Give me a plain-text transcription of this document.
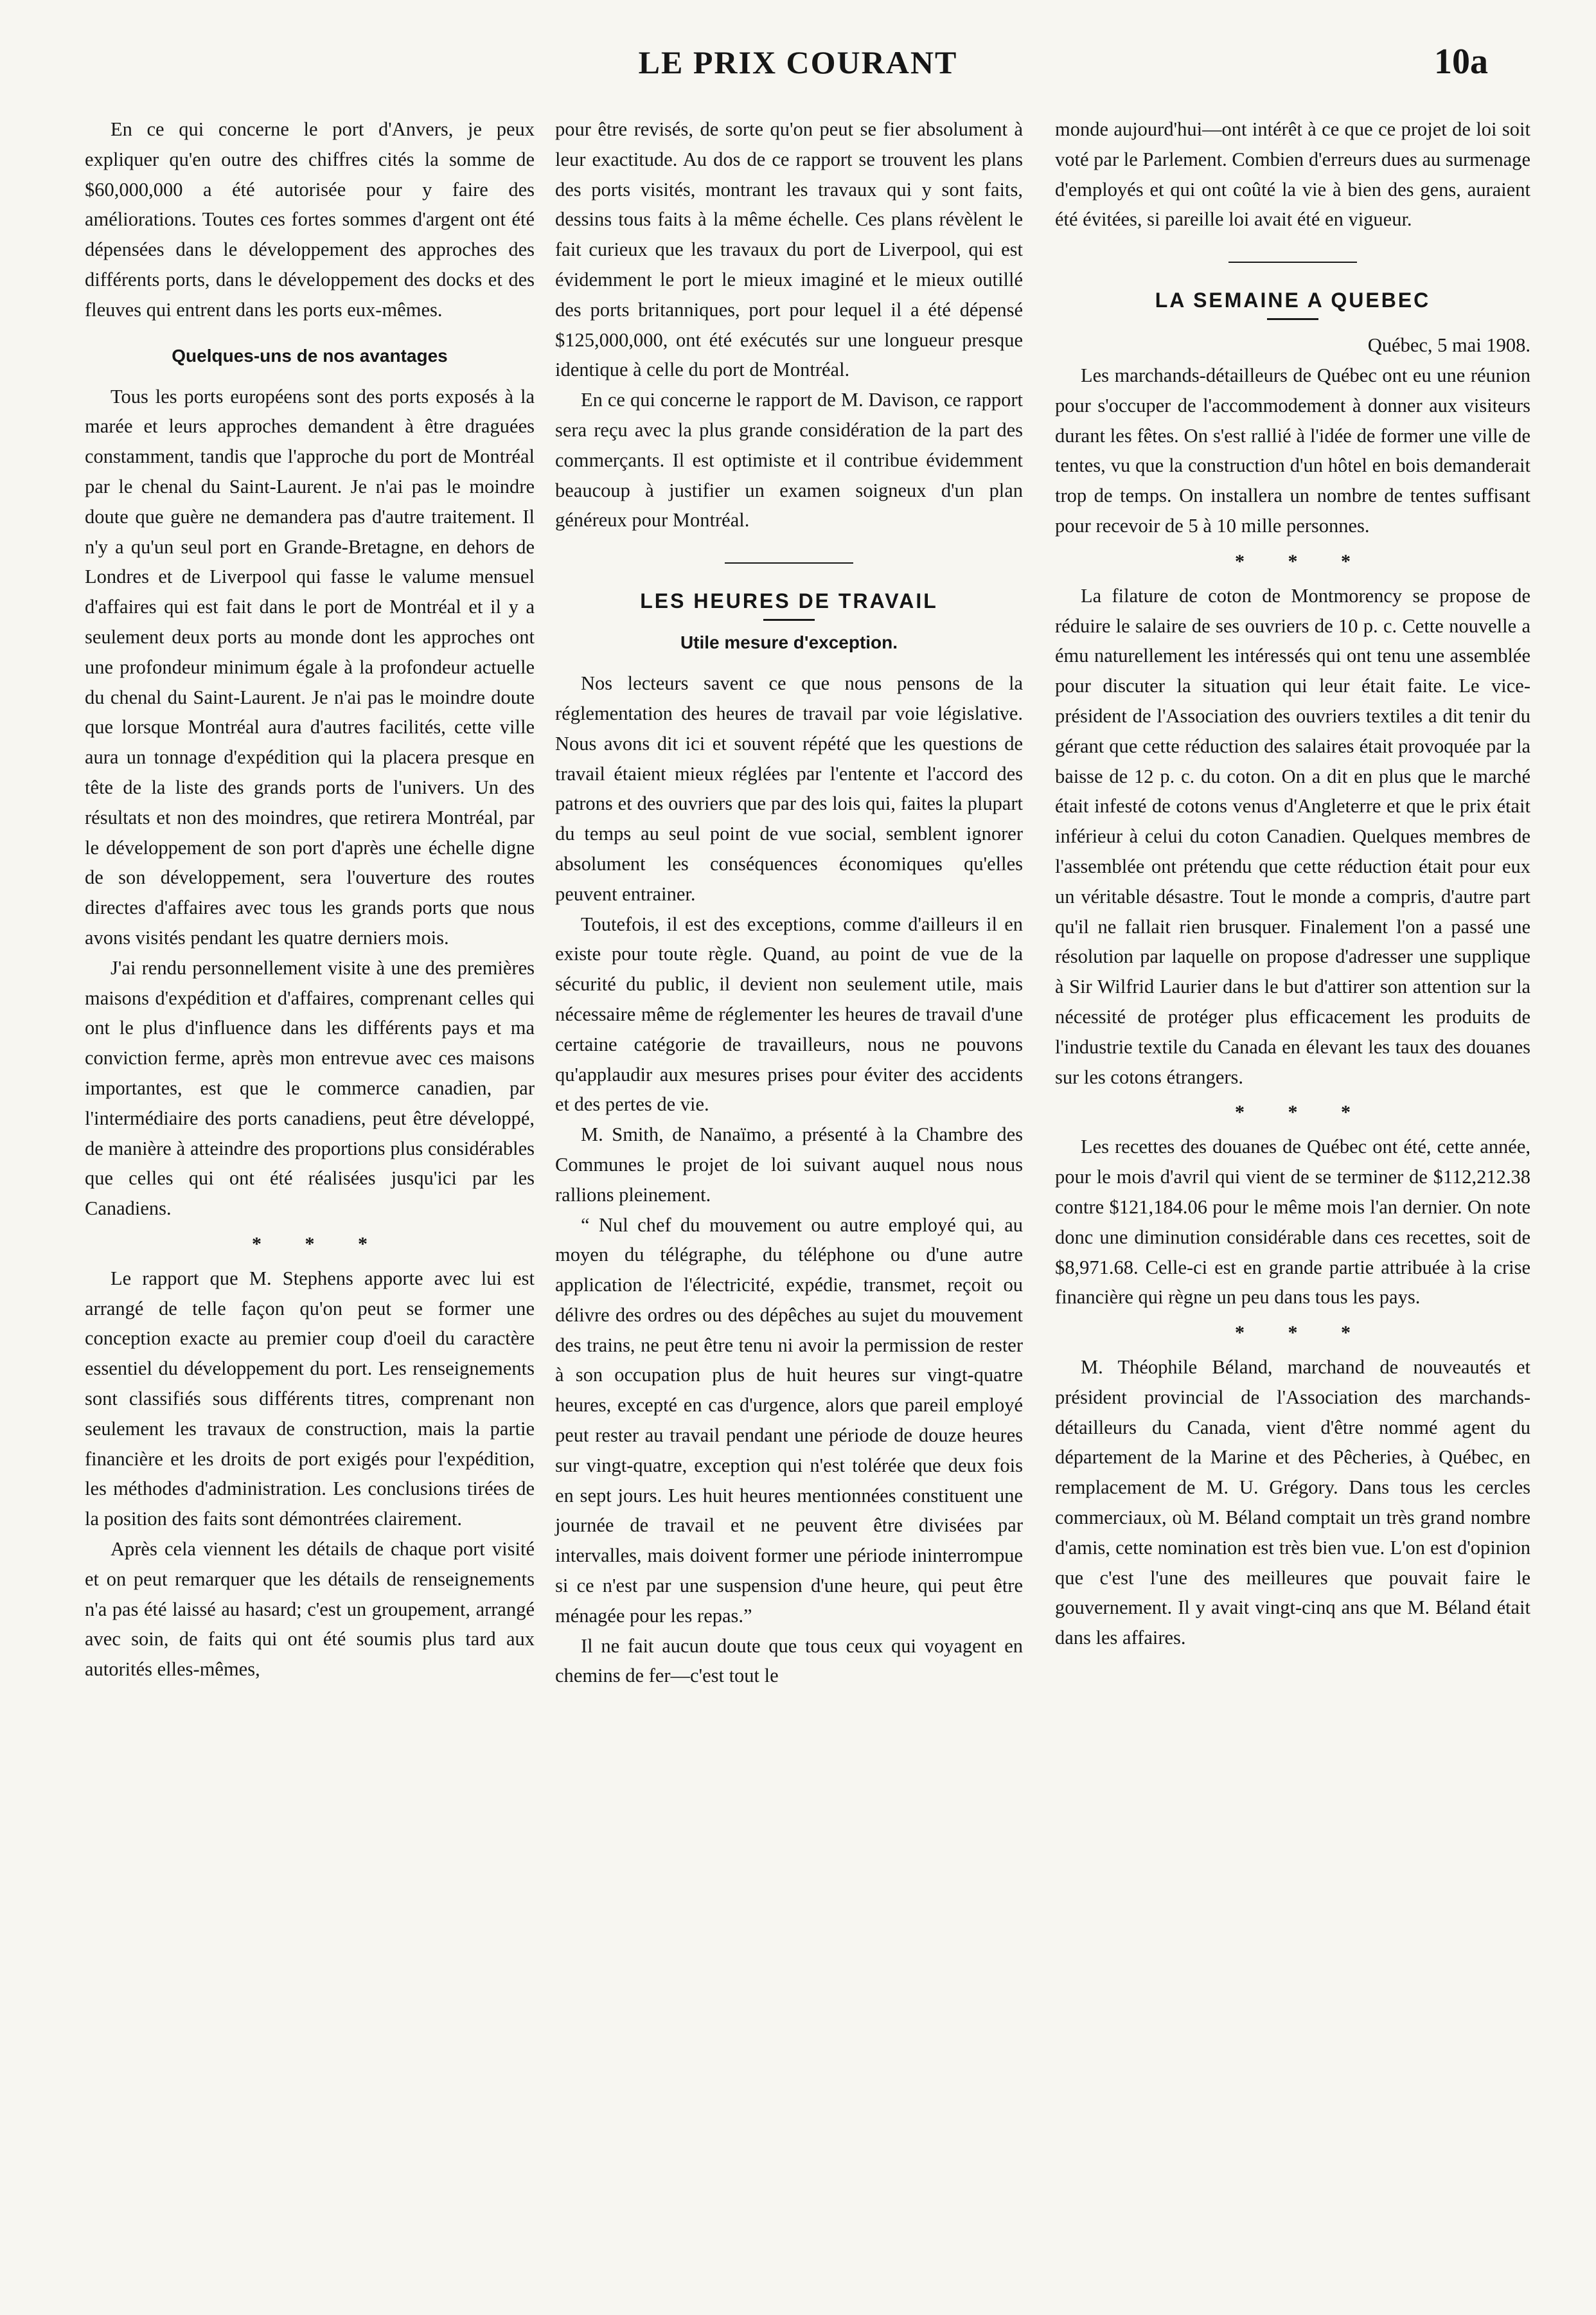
LE PRIX COURANT	10a

En ce qui concerne le port d'Anvers, je peux expliquer qu'en outre des chiffres cités la somme de $60,000,000 a été autorisée pour y faire des améliorations. Toutes ces fortes sommes d'argent ont été dépensées dans le développement des approches des différents ports, dans le développement des docks et des fleuves qui entrent dans les ports eux-mêmes.

Quelques-uns de nos avantages

Tous les ports européens sont des ports exposés à la marée et leurs approches demandent à être draguées constamment, tandis que l'approche du port de Montréal par le chenal du Saint-Laurent. Je n'ai pas le moindre doute que guère ne demandera pas d'autre traitement. Il n'y a qu'un seul port en Grande-Bretagne, en dehors de Londres et de Liverpool qui fasse le valume mensuel d'affaires qui est fait dans le port de Montréal et il y a seulement deux ports au monde dont les approches ont une profondeur minimum égale à la profondeur actuelle du chenal du Saint-Laurent. Je n'ai pas le moindre doute que lorsque Montréal aura d'autres facilités, cette ville aura un tonnage d'expédition qui la placera presque en tête de la liste des grands ports de l'univers. Un des résultats et non des moindres, que retirera Montréal, par le développement de son port d'après une échelle digne de son développement, sera l'ouverture des routes directes d'affaires avec tous les grands ports que nous avons visités pendant les quatre derniers mois.

J'ai rendu personnellement visite à une des premières maisons d'expédition et d'affaires, comprenant celles qui ont le plus d'influence dans les différents pays et ma conviction ferme, après mon entrevue avec ces maisons importantes, est que le commerce canadien, par l'intermédiaire des ports canadiens, peut être développé, de manière à atteindre des proportions plus considérables que celles qui ont été réalisées jusqu'ici par les Canadiens.

* * *

Le rapport que M. Stephens apporte avec lui est arrangé de telle façon qu'on peut se former une conception exacte au premier coup d'oeil du caractère essentiel du développement du port. Les renseignements sont classifiés sous différents titres, comprenant non seulement les travaux de construction, mais la partie financière et les droits de port exigés pour l'expédition, les méthodes d'administration. Les conclusions tirées de la position des faits sont démontrées clairement.

Après cela viennent les détails de chaque port visité et on peut remarquer que les détails de renseignements n'a pas été laissé au hasard; c'est un groupement, arrangé avec soin, de faits qui ont été soumis plus tard aux autorités elles-mêmes,

pour être revisés, de sorte qu'on peut se fier absolument à leur exactitude. Au dos de ce rapport se trouvent les plans des ports visités, montrant les travaux qui y sont faits, dessins tous faits à la même échelle. Ces plans révèlent le fait curieux que les travaux du port de Liverpool, qui est évidemment le port le mieux imaginé et le mieux outillé des ports britanniques, port pour lequel il a été dépensé $125,000,000, ont été exécutés sur une longueur presque identique à celle du port de Montréal.

En ce qui concerne le rapport de M. Davison, ce rapport sera reçu avec la plus grande considération de la part des commerçants. Il est optimiste et il contribue évidemment beaucoup à justifier un examen soigneux d'un plan généreux pour Montréal.

LES HEURES DE TRAVAIL
Utile mesure d'exception.

Nos lecteurs savent ce que nous pensons de la réglementation des heures de travail par voie législative. Nous avons dit ici et souvent répété que les questions de travail étaient mieux réglées par l'entente et l'accord des patrons et des ouvriers que par des lois qui, faites la plupart du temps au seul point de vue social, semblent ignorer absolument les conséquences économiques qu'elles peuvent entrainer.

Toutefois, il est des exceptions, comme d'ailleurs il en existe pour toute règle. Quand, au point de vue de la sécurité du public, il devient non seulement utile, mais nécessaire même de réglementer les heures de travail d'une certaine catégorie de travailleurs, nous ne pouvons qu'applaudir aux mesures prises pour éviter des accidents et des pertes de vie.

M. Smith, de Nanaïmo, a présenté à la Chambre des Communes le projet de loi suivant auquel nous nous rallions pleinement.

“ Nul chef du mouvement ou autre employé qui, au moyen du télégraphe, du téléphone ou d'une autre application de l'électricité, expédie, transmet, reçoit ou délivre des ordres ou des dépêches au sujet du mouvement des trains, ne peut être tenu ni avoir la permission de rester à son occupation plus de huit heures sur vingt-quatre heures, excepté en cas d'urgence, alors que pareil employé peut rester au travail pendant une période de douze heures sur vingt-quatre, exception qui n'est tolérée que deux fois en sept jours. Les huit heures mentionnées constituent une journée de travail et ne peuvent être divisées par intervalles, mais doivent former une période ininterrompue si ce n'est par une suspension d'une heure, qui peut être ménagée pour les repas.”

Il ne fait aucun doute que tous ceux qui voyagent en chemins de fer—c'est tout le

monde aujourd'hui—ont intérêt à ce que ce projet de loi soit voté par le Parlement. Combien d'erreurs dues au surmenage d'employés et qui ont coûté la vie à bien des gens, auraient été évitées, si pareille loi avait été en vigueur.

LA SEMAINE A QUEBEC

Québec, 5 mai 1908.

Les marchands-détailleurs de Québec ont eu une réunion pour s'occuper de l'accommodement à donner aux visiteurs durant les fêtes. On s'est rallié à l'idée de former une ville de tentes, vu que la construction d'un hôtel en bois demanderait trop de temps. On installera un nombre de tentes suffisant pour recevoir de 5 à 10 mille personnes.

* * *

La filature de coton de Montmorency se propose de réduire le salaire de ses ouvriers de 10 p. c. Cette nouvelle a ému naturellement les intéressés qui ont tenu une assemblée pour discuter la situation qui leur était faite. Le vice-président de l'Association des ouvriers textiles a dit tenir du gérant que cette réduction des salaires était provoquée par la baisse de 12 p. c. du coton. On a dit en plus que le marché était infesté de cotons venus d'Angleterre et que le prix était inférieur à celui du coton Canadien. Quelques membres de l'assemblée ont prétendu que cette réduction était pour eux un véritable désastre. Tout le monde a compris, d'autre part qu'il ne fallait rien brusquer. Finalement l'on a passé une résolution par laquelle on propose d'adresser une supplique à Sir Wilfrid Laurier dans le but d'attirer son attention sur la nécessité de protéger plus efficacement les produits de l'industrie textile du Canada en élevant les taux des douanes sur les cotons étrangers.

* * *

Les recettes des douanes de Québec ont été, cette année, pour le mois d'avril qui vient de se terminer de $112,212.38 contre $121,184.06 pour le même mois l'an dernier. On note donc une diminution considérable dans ces recettes, soit de $8,971.68. Celle-ci est en grande partie attribuée à la crise financière qui règne un peu dans tous les pays.

* * *

M. Théophile Béland, marchand de nouveautés et président provincial de l'Association des marchands-détailleurs du Canada, vient d'être nommé agent du département de la Marine et des Pêcheries, à Québec, en remplacement de M. U. Grégory. Dans tous les cercles commerciaux, où M. Béland comptait un très grand nombre d'amis, cette nomination est très bien vue. L'on est d'opinion que c'est l'une des meilleures que pouvait faire le gouvernement. Il y avait vingt-cinq ans que M. Béland était dans les affaires.
